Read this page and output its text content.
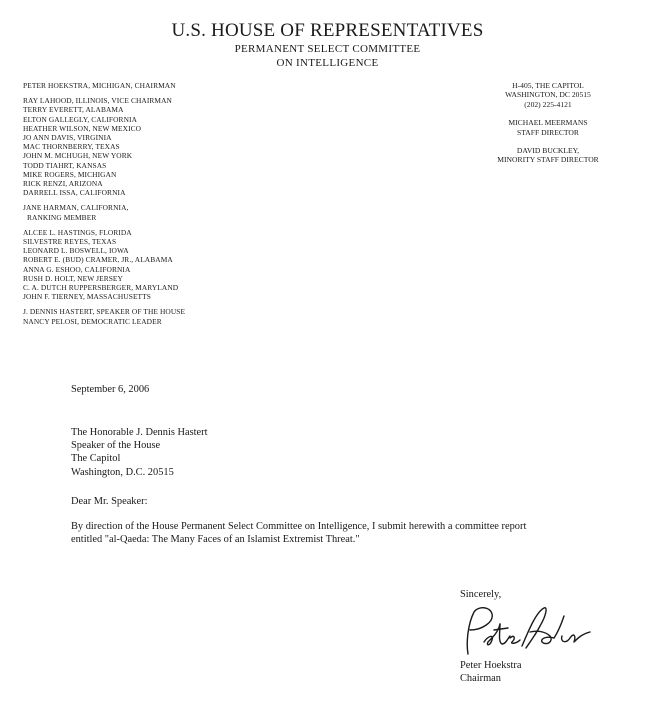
U.S. HOUSE OF REPRESENTATIVES
PERMANENT SELECT COMMITTEE
ON INTELLIGENCE
PETER HOEKSTRA, MICHIGAN, CHAIRMAN
RAY LAHOOD, ILLINOIS, VICE CHAIRMAN
TERRY EVERETT, ALABAMA
ELTON GALLEGLY, CALIFORNIA
HEATHER WILSON, NEW MEXICO
JO ANN DAVIS, VIRGINIA
MAC THORNBERRY, TEXAS
JOHN M. MCHUGH, NEW YORK
TODD TIAHRT, KANSAS
MIKE ROGERS, MICHIGAN
RICK RENZI, ARIZONA
DARRELL ISSA, CALIFORNIA
JANE HARMAN, CALIFORNIA,
RANKING MEMBER
ALCEE L. HASTINGS, FLORIDA
SILVESTRE REYES, TEXAS
LEONARD L. BOSWELL, IOWA
ROBERT E. (BUD) CRAMER, JR., ALABAMA
ANNA G. ESHOO, CALIFORNIA
RUSH D. HOLT, NEW JERSEY
C. A. DUTCH RUPPERSBERGER, MARYLAND
JOHN F. TIERNEY, MASSACHUSETTS
J. DENNIS HASTERT, SPEAKER OF THE HOUSE
NANCY PELOSI, DEMOCRATIC LEADER
H-405, THE CAPITOL
WASHINGTON, DC 20515
(202) 225-4121
MICHAEL MEERMANS
STAFF DIRECTOR
DAVID BUCKLEY,
MINORITY STAFF DIRECTOR
September 6, 2006
The Honorable J. Dennis Hastert
Speaker of the House
The Capitol
Washington, D.C. 20515
Dear Mr. Speaker:
By direction of the House Permanent Select Committee on Intelligence, I submit herewith a committee report
entitled "al-Qaeda: The Many Faces of an Islamist Extremist Threat."
Sincerely,
Peter Hoekstra
Chairman
